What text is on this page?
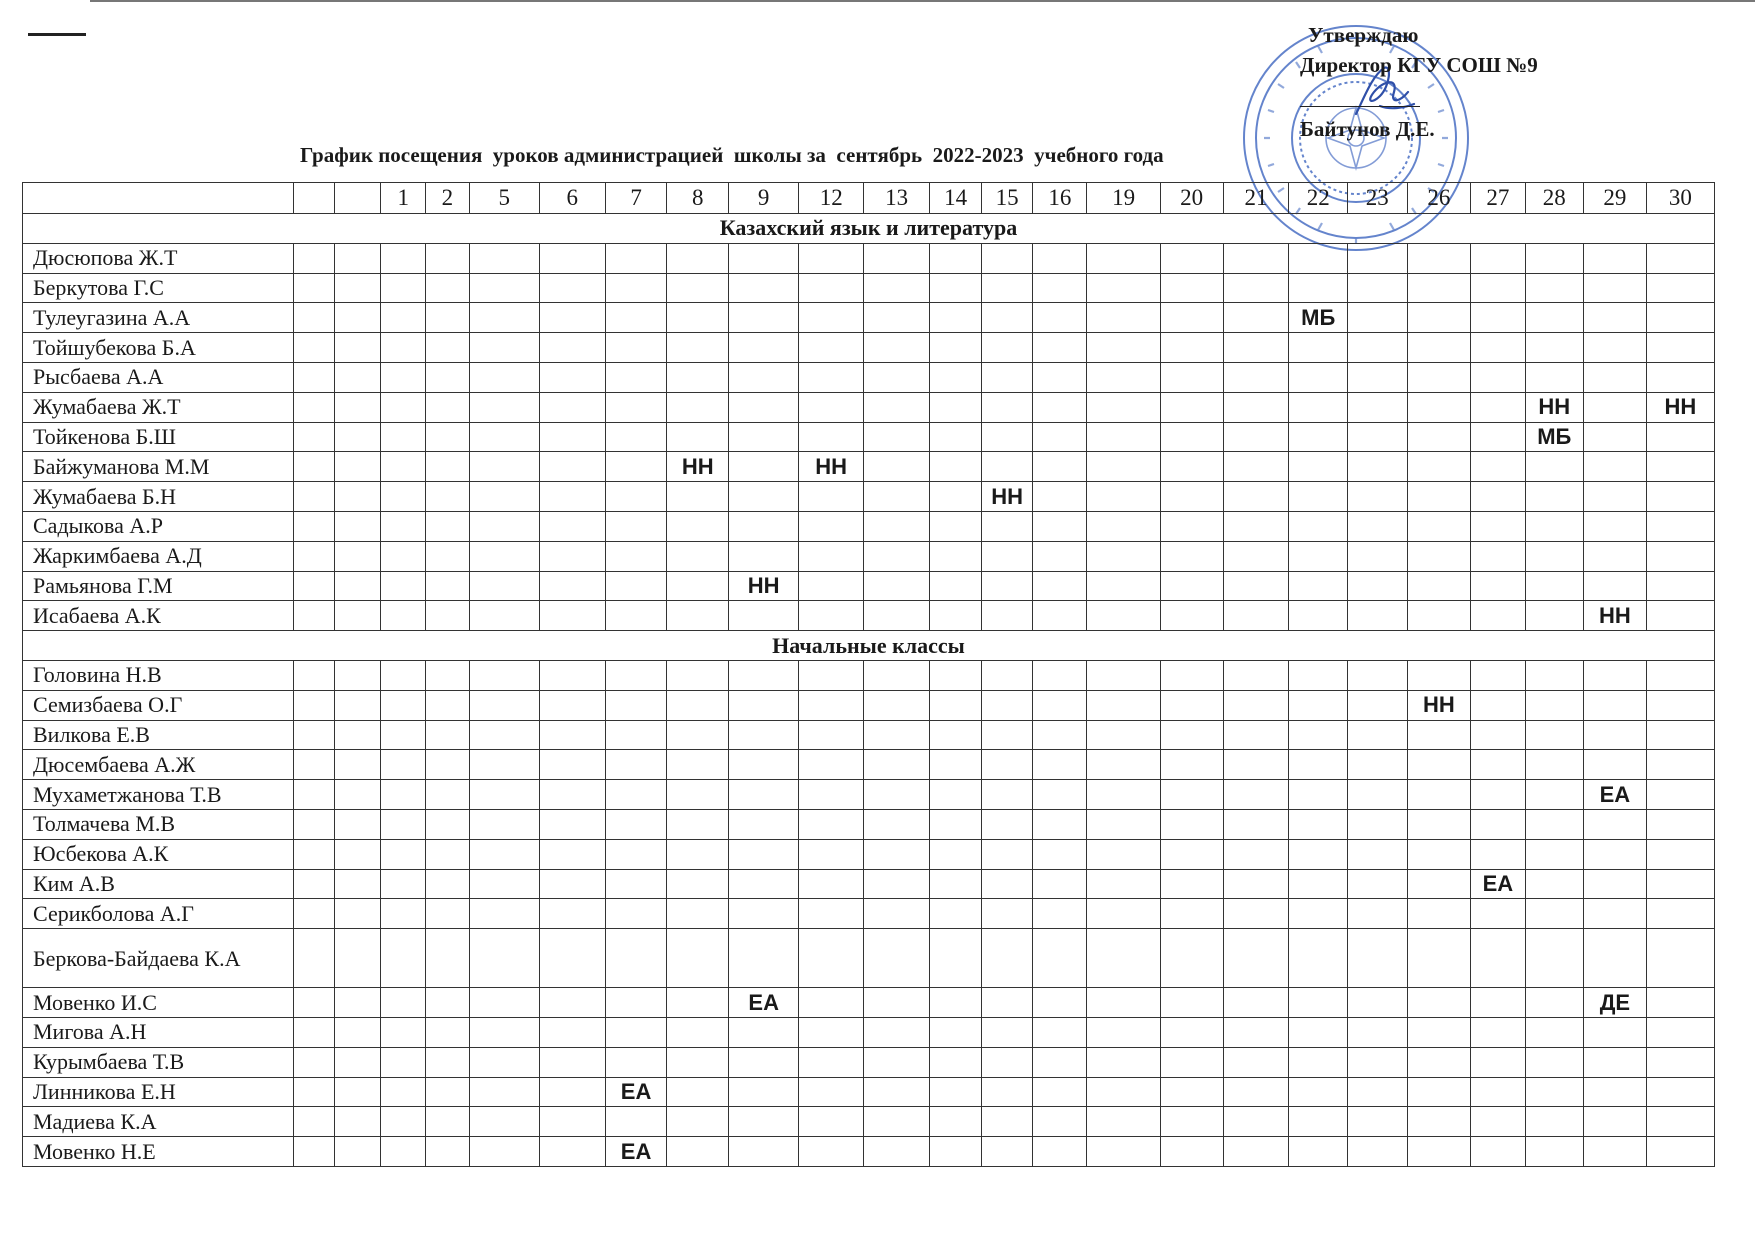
Утверждаю
Директор КГУ СОШ №9
Байтунов Д.Е.
График посещения  уроков администрацией  школы за  сентябрь  2022-2023  учебного года
			1	2	5	6	7	8	9	12	13	14	15	16	19	20	21	22	23	26	27	28	29	30
Казахский язык и литература																								
Дюсюпова Ж.Т																								
Беркутова Г.С																								
Тулеугазина А.А																		МБ						
Тойшубекова Б.А																								
Рысбаева А.А																								
Жумабаева Ж.Т																						НН		НН
Тойкенова Б.Ш																						МБ		
Байжуманова М.М								НН		НН														
Жумабаева Б.Н													НН											
Садыкова А.Р																								
Жаркимбаева А.Д																								
Рамьянова Г.М									НН															
Исабаева А.К																							НН	
Начальные классы																								
Головина Н.В																								
Семизбаева О.Г																				НН				
Вилкова Е.В																								
Дюсембаева А.Ж																								
Мухаметжанова Т.В																							ЕА	
Толмачева М.В																								
Юсбекова А.К																								
Ким А.В																					ЕА			
Серикболова А.Г																								
Беркова-Байдаева К.А																								
Мовенко И.С									ЕА														ДЕ	
Мигова А.Н																								
Курымбаева Т.В																								
Линникова Е.Н							ЕА																	
Мадиева К.А																								
Мовенко Н.Е							ЕА																	
